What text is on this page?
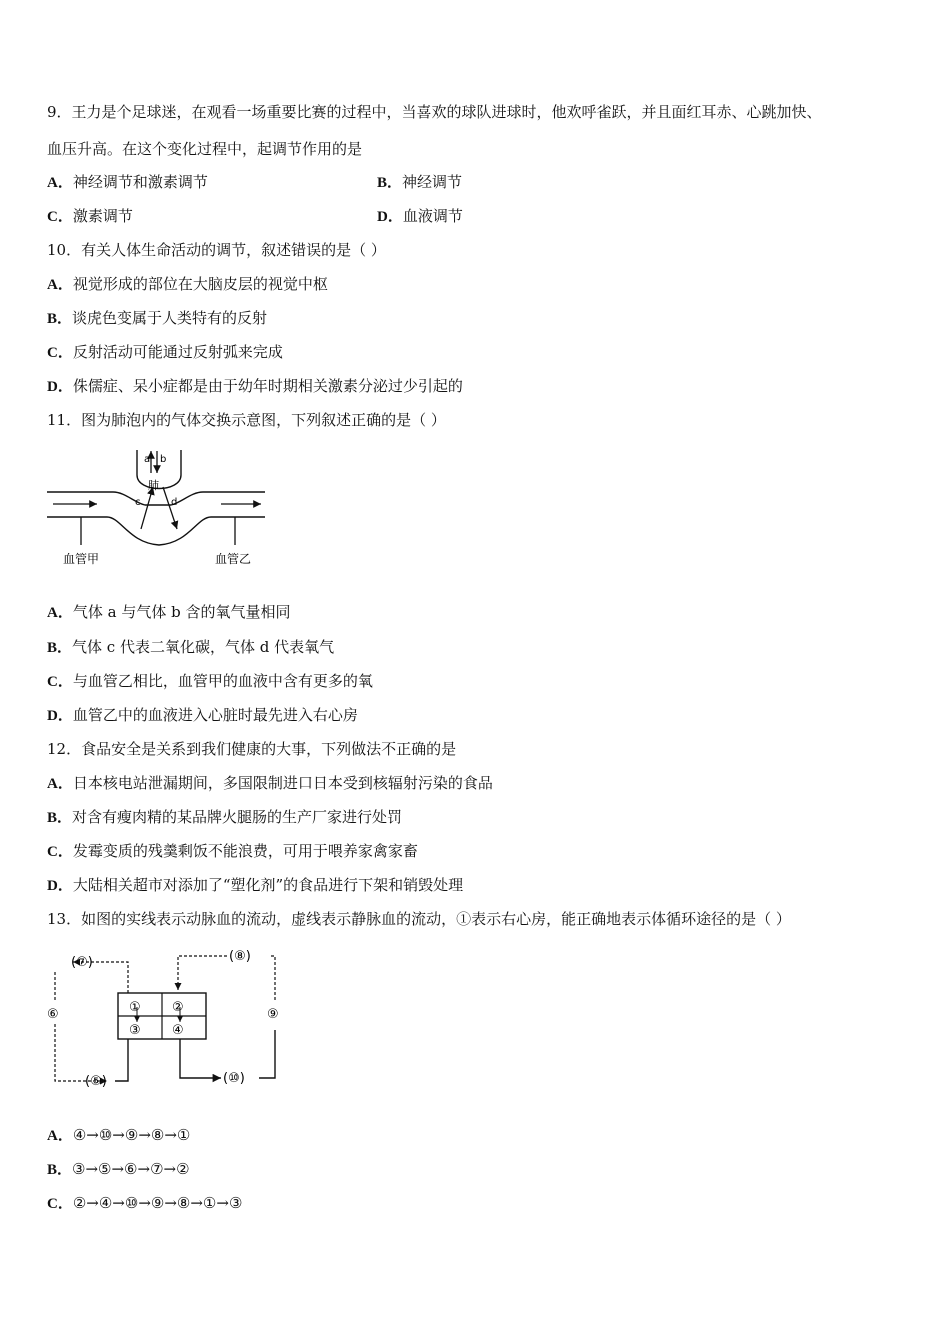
9．王力是个足球迷，在观看一场重要比赛的过程中，当喜欢的球队进球时，他欢呼雀跃，并且面红耳赤、心跳加快、
血压升高。在这个变化过程中，起调节作用的是
A．神经调节和激素调节	B．神经调节
C．激素调节	D．血液调节
10．有关人体生命活动的调节，叙述错误的是（ ）
A．视觉形成的部位在大脑皮层的视觉中枢
B．谈虎色变属于人类特有的反射
C．反射活动可能通过反射弧来完成
D．侏儒症、呆小症都是由于幼年时期相关激素分泌过少引起的
11．图为肺泡内的气体交换示意图，下列叙述正确的是（ ）
a b
肺
c	d
血管甲	血管乙
A．气体 a 与气体 b 含的氧气量相同
B．气体 c 代表二氧化碳，气体 d 代表氧气
C．与血管乙相比，血管甲的血液中含有更多的氧
D．血管乙中的血液进入心脏时最先进入右心房
12．食品安全是关系到我们健康的大事，下列做法不正确的是
A．日本核电站泄漏期间，多国限制进口日本受到核辐射污染的食品
B．对含有瘦肉精的某品牌火腿肠的生产厂家进行处罚
C．发霉变质的残羹剩饭不能浪费，可用于喂养家禽家畜
D．大陆相关超市对添加了“塑化剂”的食品进行下架和销毁处理
13．如图的实线表示动脉血的流动，虚线表示静脉血的流动，①表示右心房，能正确地表示体循环途径的是（ ）
① ②
③ ④
(⑦)	(⑧)
⑥	⑨
(⑤)	(⑩)
A．④→⑩→⑨→⑧→①
B．③→⑤→⑥→⑦→②
C．②→④→⑩→⑨→⑧→①→③
